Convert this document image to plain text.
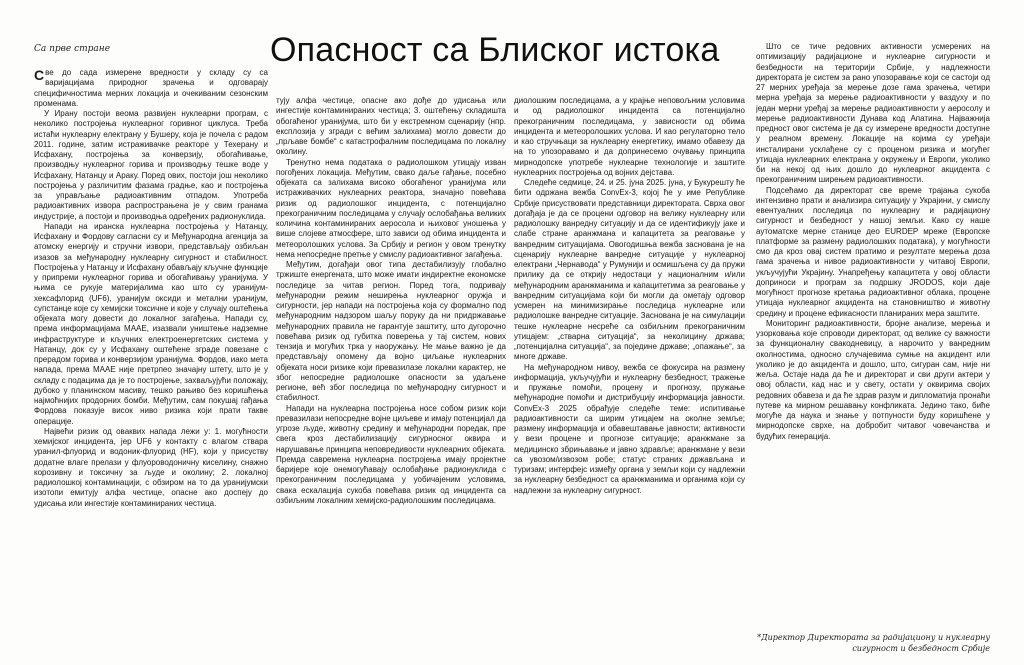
Са прве стране	Опасност са Блиског истока

Све до сада измерене вредности у складу су са варијацијама природног зрачења и одговарају специфичностима мерних локација и очекиваним сезонским променама.

У Ирану постоји веома развијен нуклеарни програм, с неколико постројења нуклеарног горивног циклуса. Треба истаћи нуклеарну електрану у Бушеру, која је почела с радом 2011. године, затим истраживачке реакторе у Техерану и Исфахану, постројења за конверзију, обогаћивање, производњу нуклеарног горива и производњу тешке воде у Исфахану, Натанцу и Араку. Поред ових, постоји још неколико постројења у различитим фазама градње, као и постројења за управљање радиоактивним отпадом. Употреба радиоактивних извора распрострањена је у свим гранама индустрије, а постоји и производња одређених радионуклида.

Напади на иранска нуклеарна постројења у Натанцу, Исфахану и Фордову сагласни су и Међународна агенција за атомску енергију и стручни извори, представљају озбиљан изазов за међународну нуклеарну сигурност и стабилност. Постројења у Натанцу и Исфахану обављају кључне функције у припреми нуклеарног горива и обогаћивању уранијума. У њима се рукује материјалима као што су уранијум-хексафлорид (UF6), уранијум оксиди и метални уранијум, супстанце које су хемијски токсичне и које у случају оштећења објеката могу довести до локалног загађења. Напади су, према информацијама МААЕ, изазвали уништење надземне инфраструктуре и кључних електроенергетских система у Натанцу, док су у Исфахану оштећене зграде повезане с прерадом горива и конверзијом уранијума. Фордов, иако мета напада, према МААЕ није претрпео значајну штету, што је у складу с подацима да је то постројење, захваљујући положају, дубоко у планинском масиву, тешко рањиво без коришћења најмоћнијих продорних бомби. Међутим, сам покушај гађања Фордова показује висок ниво ризика који прати такве операције.

Највећи ризик од оваквих напада лежи у: 1. могућности хемијског инцидента, јер UF6 у контакту с влагом ствара уранил-флуорид и водоник-флуорид (HF), који у присуству додатне влаге прелази у флуороводоничну киселину, снажно корозивну и токсичну за људе и околину; 2. локалној радиолошкој контаминацији, с обзиром на то да уранијумски изотопи емитују алфа честице, опасне ако доспеју до удисања или ингестије контаминираних честица.

тују алфа честице, опасне ако дође до удисања или ингестије контаминираних честица; 3. оштећењу складишта обогаћеног уранијума, што би у екстремном сценарију (нпр. експлозија у згради с већим залихама) могло довести до „прљаве бомбе“ с катастрофалним последицама по локалну околину.

Тренутно нема података о радиолошком утицају изван погођених локација. Међутим, свако даље гађање, посебно објеката са залихама високо обогаћеног уранијума или истраживачких нуклеарних реактора, значајно повећава ризик од радиолошког инцидента, с потенцијално прекограничним последицама у случају ослобађања великих количина контаминираних аеросола и њиховог уношења у више слојеве атмосфере, што зависи од обима инцидента и метеоролошких услова. За Србију и регион у овом тренутку нема непосредне претње у смислу радиоактивног загађења.

Међутим, догађаји овог типа дестабилизују глобално тржиште енергената, што може имати индиректне економске последице за читав регион. Поред тога, подривају међународни режим неширења нуклеарног оружја и сигурности, јер напади на постројења која су формално под међународним надзором шаљу поруку да ни придржавање међународних правила не гарантује заштиту, што дугорочно повећава ризик од губитка поверења у тај систем, нових тензија и могућих трка у наоружању. Не мање важно је да представљају опомену да војно циљање нуклеарних објеката носи ризике који превазилазе локални карактер, не због непосредне радиолошке опасности за удаљене регионе, већ због последица по међународну сигурност и стабилност.

Напади на нуклеарна постројења носе собом ризик који превазилази непосредне војне циљеве и имају потенцијал да угрозе људе, животну средину и међународни поредак, пре свега кроз дестабилизацију сигурносног оквира и нарушавање принципа неповредивости нуклеарних објеката. Премда савремена нуклеарна постројења имају пројектне баријере које онемогућавају ослобађање радионуклида с прекограничним последицама у уобичајеним условима, свака ескалација сукоба повећава ризик од инцидента са озбиљним локалним хемијско-радиолошким последицама.

диолошким последицама, а у крајње неповољним условима и од радиолошког инцидента са потенцијално прекограничним последицама, у зависности од обима инцидента и метеоролошких услова. И као регулаторно тело и као стручњаци за нуклеарну енергетику, имамо обавезу да на то упозоравамо и да допринесемо очувању принципа мирнодопске употребе нуклеарне технологије и заштите нуклеарних постројења од војних дејстава.

Следеће седмице, 24. и 25. јуна 2025. јуна, у Букурешту ће бити одржана вежба ConvEx-3, којој ће у име Републике Србије присуствовати представници директората. Сврха овог догађаја је да се процени одговор на велику нуклеарну или радиолошку ванредну ситуацију и да се идентификују јаке и слабе стране аранжмана и капацитета за реаговање у ванредним ситуацијама. Овогодишња вежба заснована је на сценарију нуклеарне ванредне ситуације у нуклеарној електрани „Чернавода“ у Румунији и осмишљена су да пружи прилику да се открију недостаци у националним и/или међународним аранжманима и капацитетима за реаговање у ванредним ситуацијама који би могли да ометају одговор усмерен на минимизирање последица нуклеарне или радиолошке ванредне ситуације. Заснована је на симулацији тешке нуклеарне несреће са озбиљним прекограничним утицајем: „стварна ситуација“, за неколицину држава; „потенцијална ситуација“, за поједине државе; „опажање“, за многе државе.

На међународном нивоу, вежба се фокусира на размену информација, укључујући и нуклеарну безбедност, тражење и пружање помоћи, процену и прогнозу, пружање међународне помоћи и дистрибуцију информација јавности. ConvEx-3 2025 обрађује следеће теме: испитивање радиоактивности са ширим утицајем на околне земље; размену информација и обавештавање јавности; активности у вези процене и прогнозе ситуације; аранжмане за медицинско збрињавање и јавно здравље; аранжмане у вези са увозом/извозом робе; статус страних држављана и туризам; интерфејс између органа у земљи који су надлежни за нуклеарну безбедност са аранжманима и органима који су надлежни за нуклеарну сигурност.

Што се тиче редовних активности усмерених на оптимизацију радијационе и нуклеарне сигурности и безбедности на територији Србије, у надлежности директората је систем за рано упозоравање који се састоји од 27 мерних уређаја за мерење дозе гама зрачења, четири мерна уређаја за мерење радиоактивности у ваздуху и по један мерни уређај за мерење радиоактивности у аеросолу и мерење радиоактивности Дунава код Апатина. Најважнија предност овог система је да су измерене вредности доступне у реалном времену. Локације на којима су уређаји инсталирани усклађене су с проценом ризика и могућег утицаја нуклеарних електрана у окружењу и Европи, уколико би на некој од њих дошло до нуклеарног акцидента с прекограничним ширењем радиоактивности.

Подсећамо да директорат све време трајања сукоба интензивно прати и анализира ситуацију у Украјини, у смислу евентуалних последица по нуклеарну и радијациону сигурност и безбедност у нашој земљи. Како су наше аутоматске мерне станице део EURDEP мреже (Европске платформе за размену радиолошких података), у могућности смо да кроз овај систем пратимо и резултате мерења доза гама зрачења и нивое радиоактивности у читавој Европи, укључујући Украјину. Унапређењу капацитета у овој области доприноси и програм за подршку JRODOS, који даје могућност прогнозе кретања радиоактивног облака, процене утицаја нуклеарног акцидента на становништво и животну средину и процене ефикасности планираних мера заштите.

Мониторинг радиоактивности, бројне анализе, мерења и узорковања које спроводи директорат, од велике су важности за функционалну свакодневицу, а нарочито у ванредним околностима, односно случајевима сумње на акцидент или уколико је до акцидента и дошло, што, сигуран сам, није ни жеља. Остаје нада да ће и директорат и сви други актери у овој области, кад нас и у свету, остати у оквирима својих редовних обавеза и да ће здрав разум и дипломатија пронаћи путеве ка мирном решавању конфликата. Једино тако, биће могуће да наука и знање у потпуности буду коришћене у мирнодопске сврхе, на добробит читавог човечанства и будућих генерација.

*Директор Директората за радијациону и нуклеарну сигурност и безбедност Србије
